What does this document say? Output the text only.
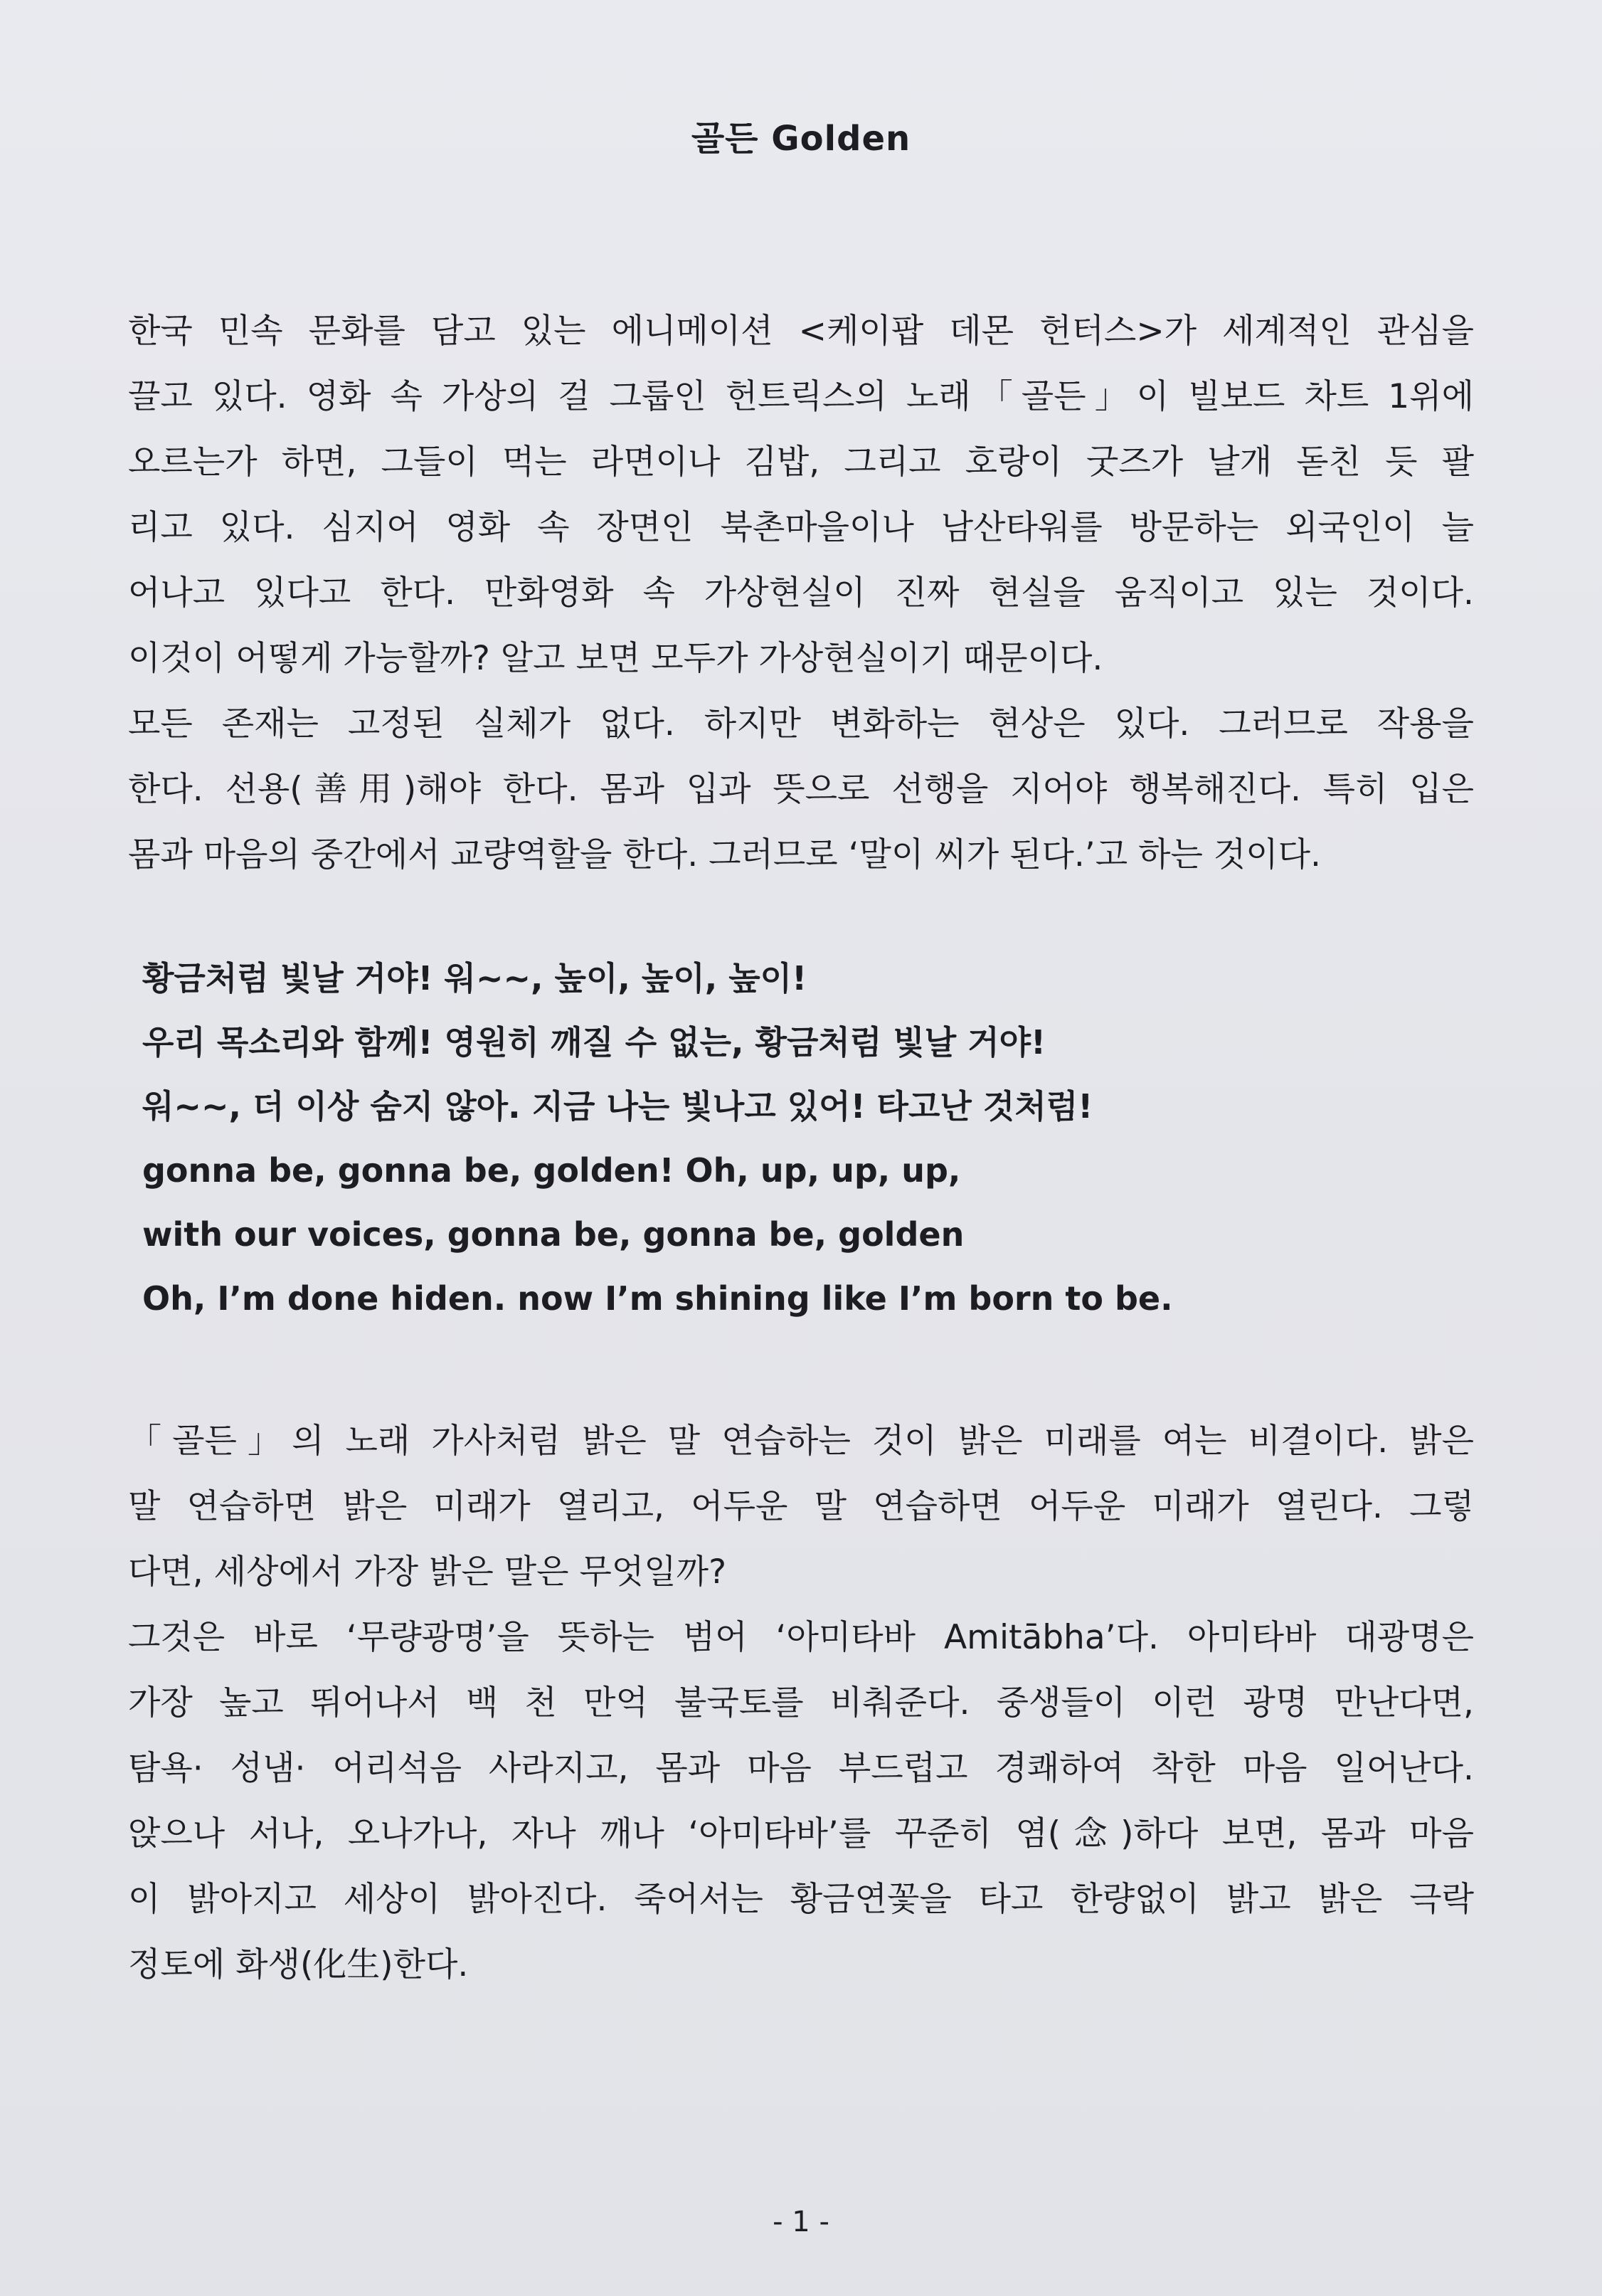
골든 Golden
한국 민속 문화를 담고 있는 에니메이션 <케이팝 데몬 헌터스>가 세계적인 관심을
끌고 있다. 영화 속 가상의 걸 그룹인 헌트릭스의 노래「골든」이 빌보드 차트 1위에
오르는가 하면, 그들이 먹는 라면이나 김밥, 그리고 호랑이 굿즈가 날개 돋친 듯 팔
리고 있다. 심지어 영화 속 장면인 북촌마을이나 남산타워를 방문하는 외국인이 늘
어나고 있다고 한다. 만화영화 속 가상현실이 진짜 현실을 움직이고 있는 것이다.
이것이 어떻게 가능할까? 알고 보면 모두가 가상현실이기 때문이다.
모든 존재는 고정된 실체가 없다. 하지만 변화하는 현상은 있다. 그러므로 작용을
한다. 선용(善用)해야 한다. 몸과 입과 뜻으로 선행을 지어야 행복해진다. 특히 입은
몸과 마음의 중간에서 교량역할을 한다. 그러므로 ‘말이 씨가 된다.’고 하는 것이다.
황금처럼 빛날 거야! 워~~, 높이, 높이, 높이!
우리 목소리와 함께! 영원히 깨질 수 없는, 황금처럼 빛날 거야!
워~~, 더 이상 숨지 않아. 지금 나는 빛나고 있어! 타고난 것처럼!
gonna be, gonna be, golden! Oh, up, up, up,
with our voices, gonna be, gonna be, golden
Oh, I’m done hiden. now I’m shining like I’m born to be.
「골든」의 노래 가사처럼 밝은 말 연습하는 것이 밝은 미래를 여는 비결이다. 밝은
말 연습하면 밝은 미래가 열리고, 어두운 말 연습하면 어두운 미래가 열린다. 그렇
다면, 세상에서 가장 밝은 말은 무엇일까?
그것은 바로 ‘무량광명’을 뜻하는 범어 ‘아미타바 Amitābha’다. 아미타바 대광명은
가장 높고 뛰어나서 백 천 만억 불국토를 비춰준다. 중생들이 이런 광명 만난다면,
탐욕· 성냄· 어리석음 사라지고, 몸과 마음 부드럽고 경쾌하여 착한 마음 일어난다.
앉으나 서나, 오나가나, 자나 깨나 ‘아미타바’를 꾸준히 염(念)하다 보면, 몸과 마음
이 밝아지고 세상이 밝아진다. 죽어서는 황금연꽃을 타고 한량없이 밝고 밝은 극락
정토에 화생(化生)한다.
- 1 -
